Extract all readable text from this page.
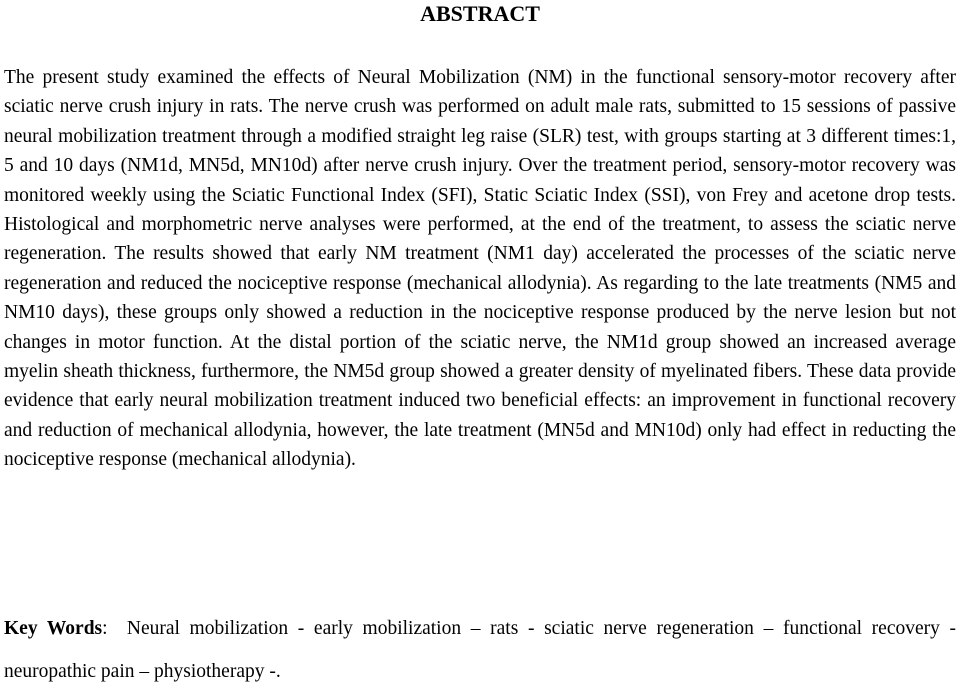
ABSTRACT

The present study examined the effects of Neural Mobilization (NM) in the functional sensory-motor recovery after sciatic nerve crush injury in rats. The nerve crush was performed on adult male rats, submitted to 15 sessions of passive neural mobilization treatment through a modified straight leg raise (SLR) test, with groups starting at 3 different times:1, 5 and 10 days (NM1d, MN5d, MN10d) after nerve crush injury. Over the treatment period, sensory-motor recovery was monitored weekly using the Sciatic Functional Index (SFI), Static Sciatic Index (SSI), von Frey and acetone drop tests. Histological and morphometric nerve analyses were performed, at the end of the treatment, to assess the sciatic nerve regeneration. The results showed that early NM treatment (NM1 day) accelerated the processes of the sciatic nerve regeneration and reduced the nociceptive response (mechanical allodynia). As regarding to the late treatments (NM5 and NM10 days), these groups only showed a reduction in the nociceptive response produced by the nerve lesion but not changes in motor function. At the distal portion of the sciatic nerve, the NM1d group showed an increased average myelin sheath thickness, furthermore, the NM5d group showed a greater density of myelinated fibers. These data provide evidence that early neural mobilization treatment induced two beneficial effects: an improvement in functional recovery and reduction of mechanical allodynia, however, the late treatment (MN5d and MN10d) only had effect in reducting the nociceptive response (mechanical allodynia).

Key Words: Neural mobilization - early mobilization – rats - sciatic nerve regeneration – functional recovery - neuropathic pain – physiotherapy -.
